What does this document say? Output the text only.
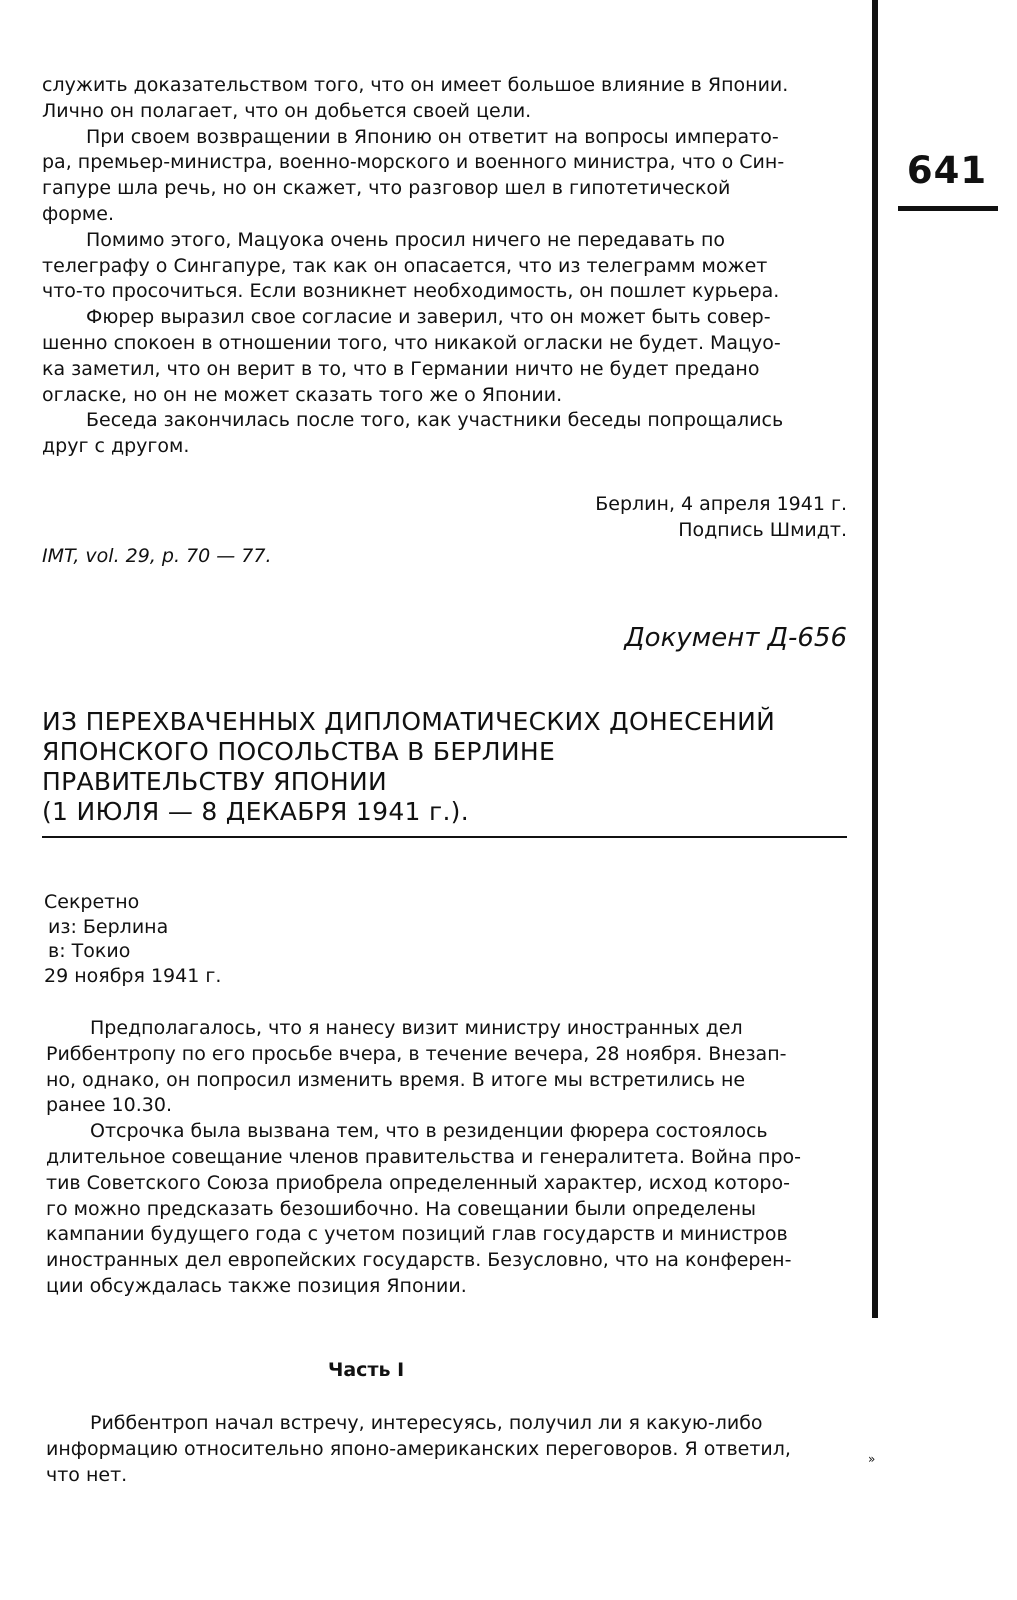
641

служить доказательством того, что он имеет большое влияние в Японии.
Лично он полагает, что он добьется своей цели.

При своем возвращении в Японию он ответит на вопросы императо-
ра, премьер-министра, военно-морского и военного министра, что о Син-
гапуре шла речь, но он скажет, что разговор шел в гипотетической
форме.

Помимо этого, Мацуока очень просил ничего не передавать по
телеграфу о Сингапуре, так как он опасается, что из телеграмм может
что-то просочиться. Если возникнет необходимость, он пошлет курьера.

Фюрер выразил свое согласие и заверил, что он может быть совер-
шенно спокоен в отношении того, что никакой огласки не будет. Мацуо-
ка заметил, что он верит в то, что в Германии ничто не будет предано
огласке, но он не может сказать того же о Японии.

Беседа закончилась после того, как участники беседы попрощались
друг с другом.

Берлин, 4 апреля 1941 г.
Подпись Шмидт.
IMT, vol. 29, p. 70 — 77.
Документ Д-656
ИЗ ПЕРЕХВАЧЕННЫХ ДИПЛОМАТИЧЕСКИХ ДОНЕСЕНИЙ
ЯПОНСКОГО ПОСОЛЬСТВА В БЕРЛИНЕ
ПРАВИТЕЛЬСТВУ ЯПОНИИ
(1 ИЮЛЯ — 8 ДЕКАБРЯ 1941 г.).
Секретно
из: Берлина
в: Токио
29 ноября 1941 г.

Предполагалось, что я нанесу визит министру иностранных дел
Риббентропу по его просьбе вчера, в течение вечера, 28 ноября. Внезап-
но, однако, он попросил изменить время. В итоге мы встретились не
ранее 10.30.

Отсрочка была вызвана тем, что в резиденции фюрера состоялось
длительное совещание членов правительства и генералитета. Война про-
тив Советского Союза приобрела определенный характер, исход которо-
го можно предсказать безошибочно. На совещании были определены
кампании будущего года с учетом позиций глав государств и министров
иностранных дел европейских государств. Безусловно, что на конферен-
ции обсуждалась также позиция Японии.

Часть I

Риббентроп начал встречу, интересуясь, получил ли я какую-либо
информацию относительно японо-американских переговоров. Я ответил,
что нет.

»
